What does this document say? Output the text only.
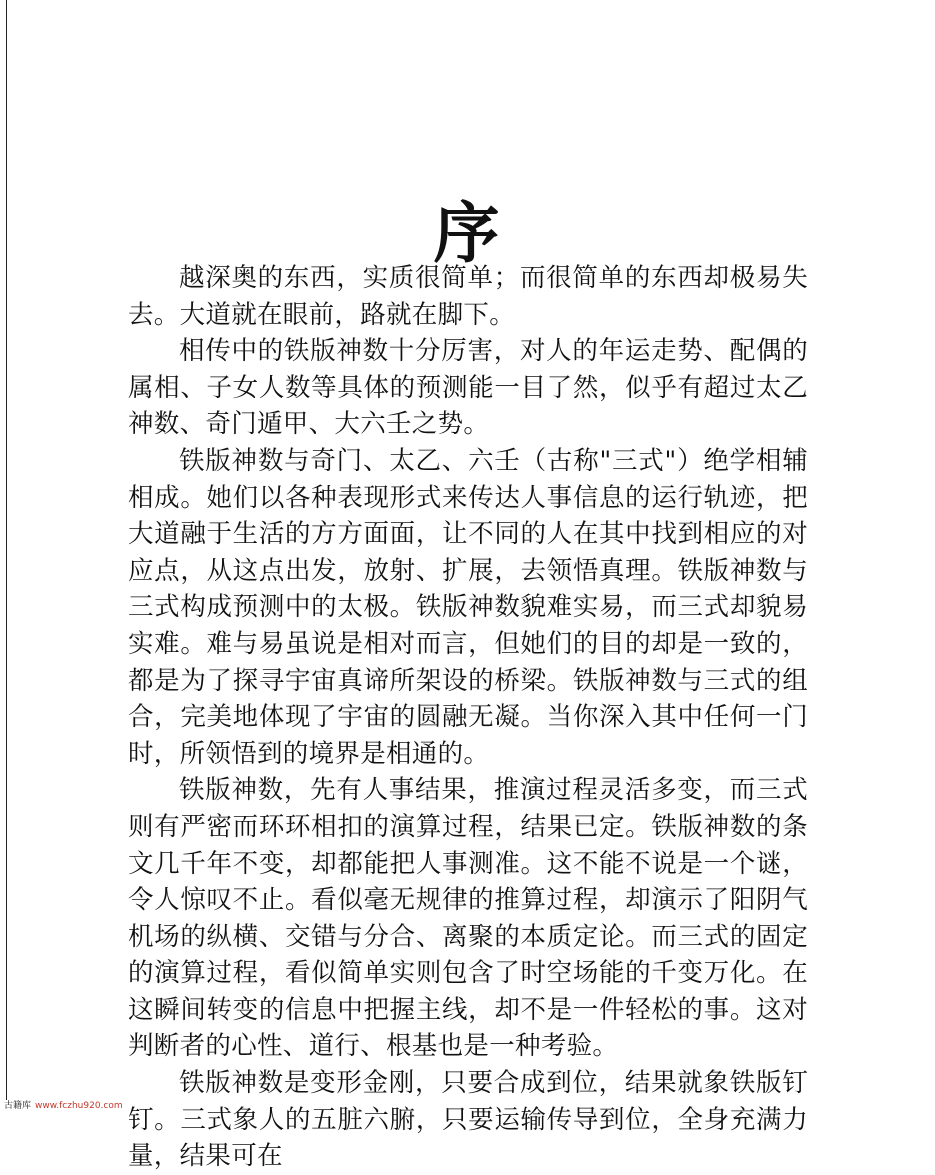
序

越深奥的东西，实质很简单；而很简单的东西却极易失去。大道就在眼前，路就在脚下。

相传中的铁版神数十分厉害，对人的年运走势、配偶的属相、子女人数等具体的预测能一目了然，似乎有超过太乙神数、奇门遁甲、大六壬之势。

铁版神数与奇门、太乙、六壬（古称"三式"）绝学相辅相成。她们以各种表现形式来传达人事信息的运行轨迹，把大道融于生活的方方面面，让不同的人在其中找到相应的对应点，从这点出发，放射、扩展，去领悟真理。铁版神数与三式构成预测中的太极。铁版神数貌难实易，而三式却貌易实难。难与易虽说是相对而言，但她们的目的却是一致的，都是为了探寻宇宙真谛所架设的桥梁。铁版神数与三式的组合，完美地体现了宇宙的圆融无凝。当你深入其中任何一门时，所领悟到的境界是相通的。

铁版神数，先有人事结果，推演过程灵活多变，而三式则有严密而环环相扣的演算过程，结果已定。铁版神数的条文几千年不变，却都能把人事测准。这不能不说是一个谜，令人惊叹不止。看似毫无规律的推算过程，却演示了阳阴气机场的纵横、交错与分合、离聚的本质定论。而三式的固定的演算过程，看似简单实则包含了时空场能的千变万化。在这瞬间转变的信息中把握主线，却不是一件轻松的事。这对判断者的心性、道行、根基也是一种考验。

铁版神数是变形金刚，只要合成到位，结果就象铁版钉钉。三式象人的五脏六腑，只要运输传导到位，全身充满力量，结果可在

古籍库 www.fczhu920.com
